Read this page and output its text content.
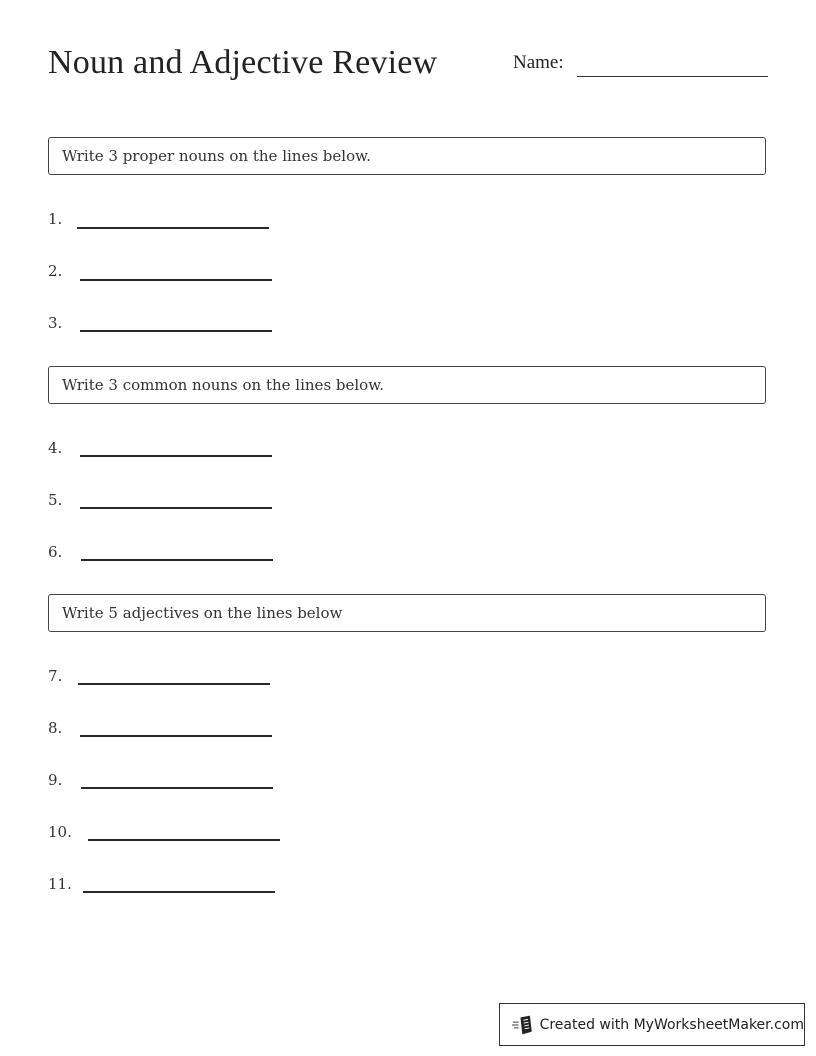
Noun and Adjective Review	Name:
Write 3 proper nouns on the lines below.
1.
2.
3.
Write 3 common nouns on the lines below.
4.
5.
6.
Write 5 adjectives on the lines below
7.
8.
9.
10.
11.
Created with MyWorksheetMaker.com
